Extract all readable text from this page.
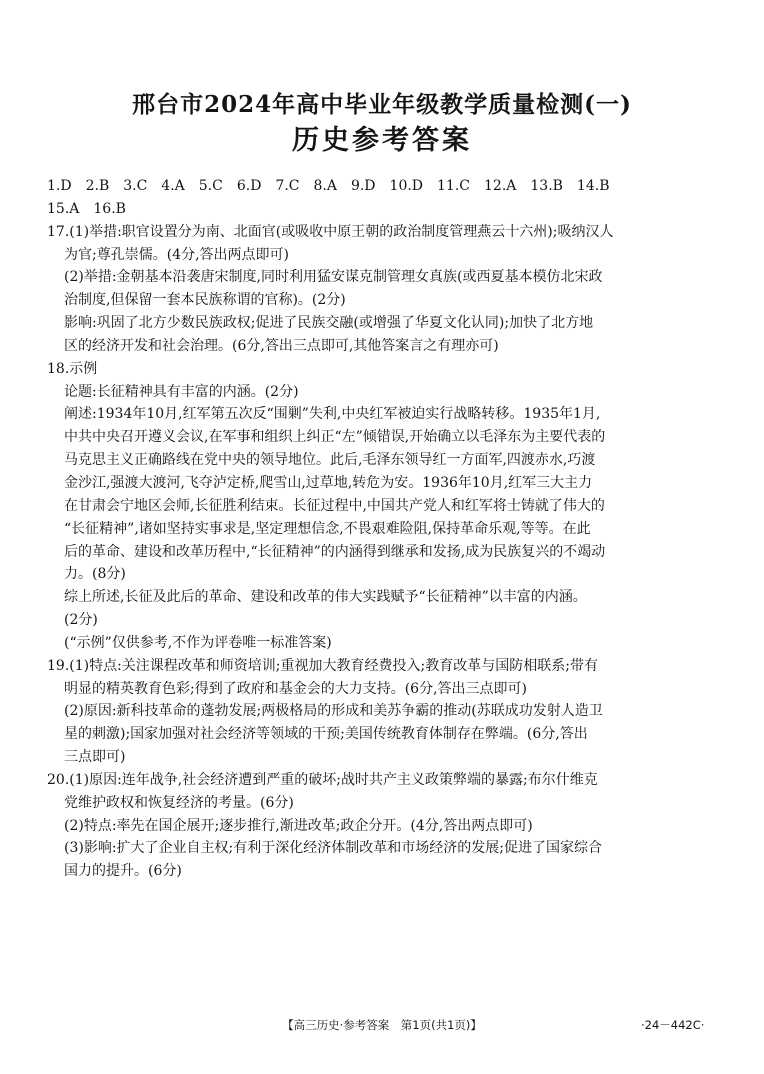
邢台市2024年高中毕业年级教学质量检测(一)
历史参考答案
1.D　2.B　3.C　4.A　5.C　6.D　7.C　8.A　9.D　10.D　11.C　12.A　13.B　14.B
15.A　16.B
17.(1)举措:职官设置分为南、北面官(或吸收中原王朝的政治制度管理燕云十六州);吸纳汉人
为官;尊孔崇儒。(4分,答出两点即可)
(2)举措:金朝基本沿袭唐宋制度,同时利用猛安谋克制管理女真族(或西夏基本模仿北宋政
治制度,但保留一套本民族称谓的官称)。(2分)
影响:巩固了北方少数民族政权;促进了民族交融(或增强了华夏文化认同);加快了北方地
区的经济开发和社会治理。(6分,答出三点即可,其他答案言之有理亦可)
18.示例
论题:长征精神具有丰富的内涵。(2分)
阐述:1934年10月,红军第五次反“围剿”失利,中央红军被迫实行战略转移。1935年1月,
中共中央召开遵义会议,在军事和组织上纠正“左”倾错误,开始确立以毛泽东为主要代表的
马克思主义正确路线在党中央的领导地位。此后,毛泽东领导红一方面军,四渡赤水,巧渡
金沙江,强渡大渡河,飞夺泸定桥,爬雪山,过草地,转危为安。1936年10月,红军三大主力
在甘肃会宁地区会师,长征胜利结束。长征过程中,中国共产党人和红军将士铸就了伟大的
“长征精神”,诸如坚持实事求是,坚定理想信念,不畏艰难险阻,保持革命乐观,等等。在此
后的革命、建设和改革历程中,“长征精神”的内涵得到继承和发扬,成为民族复兴的不竭动
力。(8分)
综上所述,长征及此后的革命、建设和改革的伟大实践赋予“长征精神”以丰富的内涵。
(2分)
(“示例”仅供参考,不作为评卷唯一标准答案)
19.(1)特点:关注课程改革和师资培训;重视加大教育经费投入;教育改革与国防相联系;带有
明显的精英教育色彩;得到了政府和基金会的大力支持。(6分,答出三点即可)
(2)原因:新科技革命的蓬勃发展;两极格局的形成和美苏争霸的推动(苏联成功发射人造卫
星的刺激);国家加强对社会经济等领域的干预;美国传统教育体制存在弊端。(6分,答出
三点即可)
20.(1)原因:连年战争,社会经济遭到严重的破坏;战时共产主义政策弊端的暴露;布尔什维克
党维护政权和恢复经济的考量。(6分)
(2)特点:率先在国企展开;逐步推行,渐进改革;政企分开。(4分,答出两点即可)
(3)影响:扩大了企业自主权;有利于深化经济体制改革和市场经济的发展;促进了国家综合
国力的提升。(6分)
【高三历史·参考答案　第1页(共1页)】	·24－442C·
